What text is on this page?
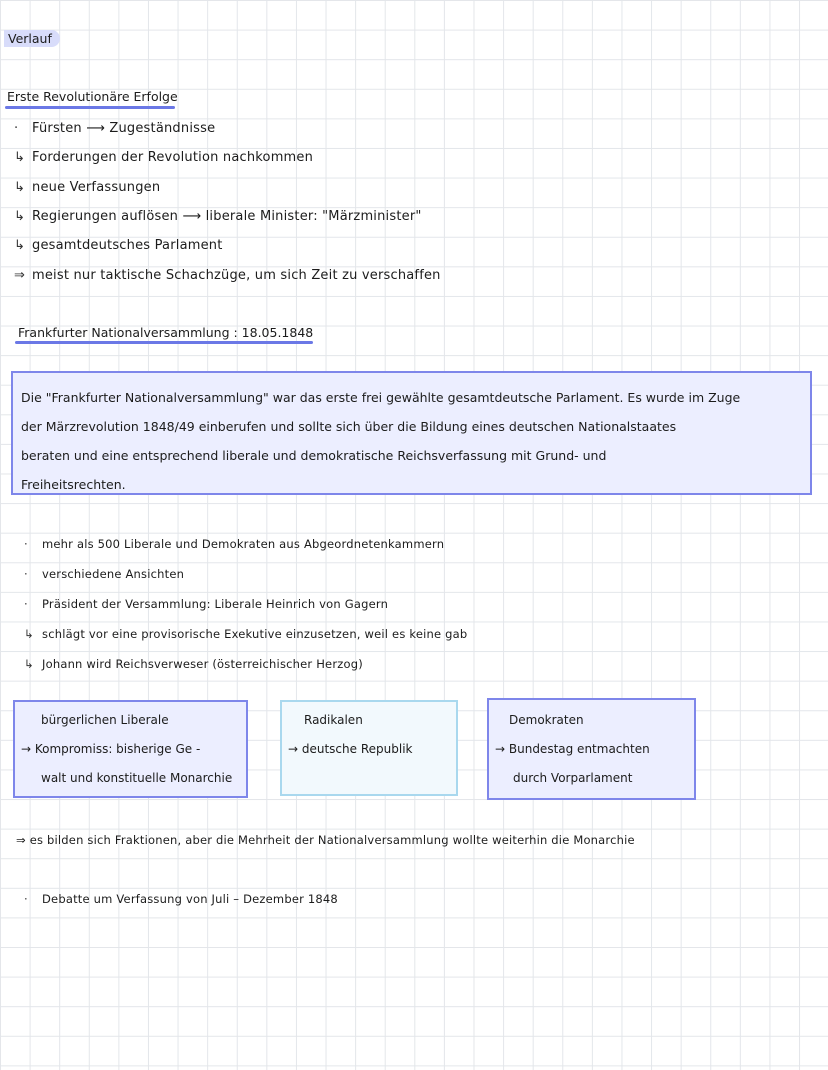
Verlauf
Erste Revolutionäre Erfolge
· Fürsten ⟶ Zugeständnisse
↳ Forderungen der Revolution nachkommen
↳ neue Verfassungen
↳ Regierungen auflösen ⟶ liberale Minister: "Märzminister"
↳ gesamtdeutsches Parlament
⇒ meist nur taktische Schachzüge, um sich Zeit zu verschaffen
Frankfurter Nationalversammlung : 18.05.1848
Die "Frankfurter Nationalversammlung" war das erste frei gewählte gesamtdeutsche Parlament. Es wurde im Zuge
der Märzrevolution 1848/49 einberufen und sollte sich über die Bildung eines deutschen Nationalstaates
beraten und eine entsprechend liberale und demokratische Reichsverfassung mit Grund- und
Freiheitsrechten.
· mehr als 500 Liberale und Demokraten aus Abgeordnetenkammern
· verschiedene Ansichten
· Präsident der Versammlung: Liberale Heinrich von Gagern
↳ schlägt vor eine provisorische Exekutive einzusetzen, weil es keine gab
↳ Johann wird Reichsverweser (österreichischer Herzog)
bürgerlichen Liberale
→ Kompromiss: bisherige Ge -
walt und konstituelle Monarchie
Radikalen
→ deutsche Republik
Demokraten
→ Bundestag entmachten
durch Vorparlament
⇒ es bilden sich Fraktionen, aber die Mehrheit der Nationalversammlung wollte weiterhin die Monarchie
· Debatte um Verfassung von Juli – Dezember 1848
